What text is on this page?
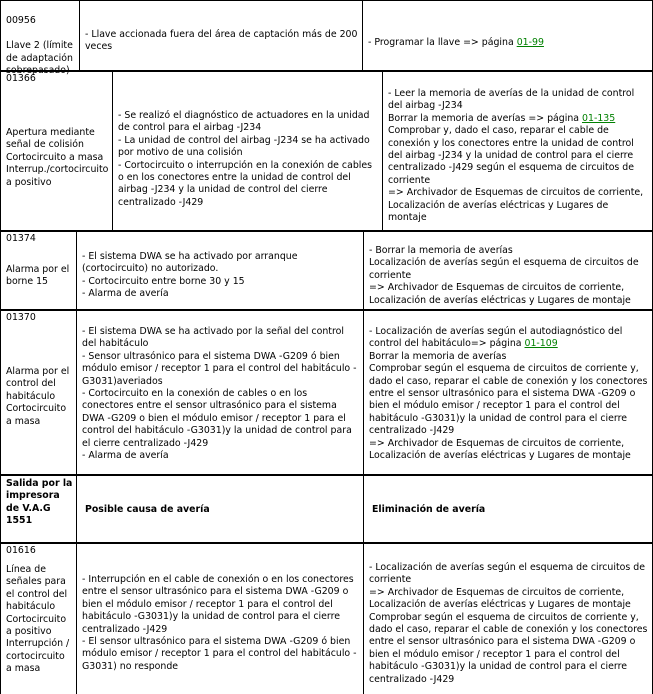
00956

Llave 2 (límite de adaptación sobrepasado)

- Llave accionada fuera del área de captación más de 200 veces	- Programar la llave => página 01-99
01366
Apertura mediante señal de colisión
Cortocircuito a masa
Interrup./cortocircuito a positivo
- Se realizó el diagnóstico de actuadores en la unidad de control para el airbag -J234
- La unidad de control del airbag -J234 se ha activado por motivo de una colisión
- Cortocircuito o interrupción en la conexión de cables o en los conectores entre la unidad de control del airbag -J234 y la unidad de control del cierre centralizado -J429
- Leer la memoria de averías de la unidad de control del airbag -J234
Borrar la memoria de averías => página 01-135
Comprobar y, dado el caso, reparar el cable de conexión y los conectores entre la unidad de control del airbag -J234 y la unidad de control para el cierre centralizado -J429 según el esquema de circuitos de corriente
=> Archivador de Esquemas de circuitos de corriente, Localización de averías eléctricas y Lugares de montaje
01374
Alarma por el borne 15
- El sistema DWA se ha activado por arranque (cortocircuito) no autorizado.
- Cortocircuito entre borne 30 y 15
- Alarma de avería
- Borrar la memoria de averías
Localización de averías según el esquema de circuitos de corriente
=> Archivador de Esquemas de circuitos de corriente, Localización de averías eléctricas y Lugares de montaje
01370
Alarma por el control del habitáculo
Cortocircuito a masa
- El sistema DWA se ha activado por la señal del control del habitáculo
- Sensor ultrasónico para el sistema DWA -G209 ó bien módulo emisor / receptor 1 para el control del habitáculo -G3031)averiados
- Cortocircuito en la conexión de cables o en los conectores entre el sensor ultrasónico para el sistema DWA -G209 o bien el módulo emisor / receptor 1 para el control del habitáculo -G3031)y la unidad de control para el cierre centralizado -J429
- Alarma de avería
- Localización de averías según el autodiagnóstico del control del habitáculo=> página 01-109
Borrar la memoria de averías
Comprobar según el esquema de circuitos de corriente y, dado el caso, reparar el cable de conexión y los conectores entre el sensor ultrasónico para el sistema DWA -G209 o bien el módulo emisor / receptor 1 para el control del habitáculo -G3031)y la unidad de control para el cierre centralizado -J429
=> Archivador de Esquemas de circuitos de corriente, Localización de averías eléctricas y Lugares de montaje
Salida por la impresora de V.A.G 1551
Posible causa de avería	Eliminación de avería
01616
Línea de señales para el control del habitáculo
Cortocircuito a positivo
Interrupción / cortocircuito a masa
- Interrupción en el cable de conexión o en los conectores entre el sensor ultrasónico para el sistema DWA -G209 o bien el módulo emisor / receptor 1 para el control del habitáculo -G3031)y la unidad de control para el cierre centralizado -J429
- El sensor ultrasónico para el sistema DWA -G209 ó bien módulo emisor / receptor 1 para el control del habitáculo -G3031) no responde
- Localización de averías según el esquema de circuitos de corriente
=> Archivador de Esquemas de circuitos de corriente, Localización de averías eléctricas y Lugares de montaje
Comprobar según el esquema de circuitos de corriente y, dado el caso, reparar el cable de conexión y los conectores entre el sensor ultrasónico para el sistema DWA -G209 o bien el módulo emisor / receptor 1 para el control del habitáculo -G3031)y la unidad de control para el cierre centralizado -J429
